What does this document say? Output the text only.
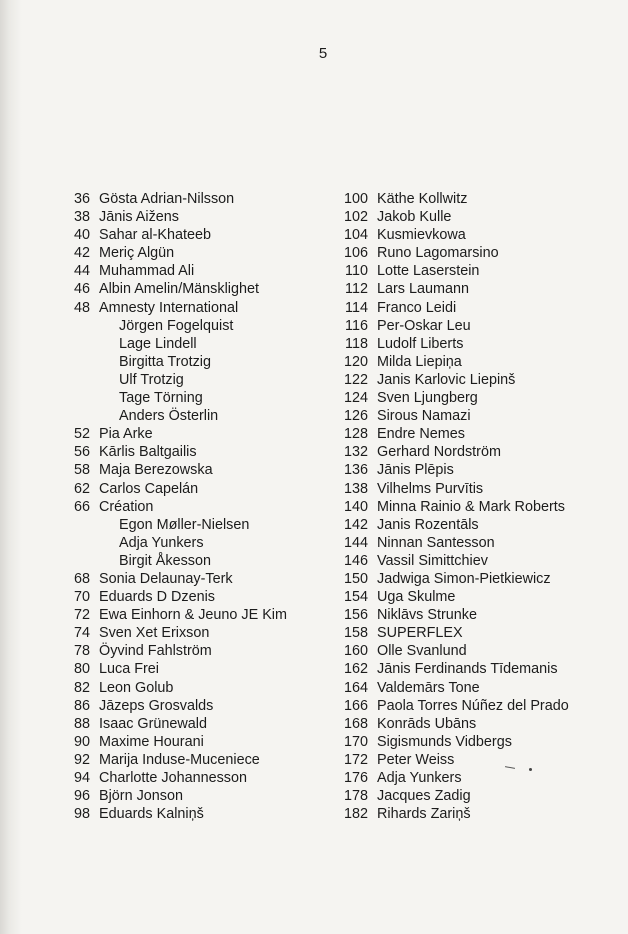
5
36 Gösta Adrian-Nilsson
38 Jānis Aižens
40 Sahar al-Khateeb
42 Meriç Algün
44 Muhammad Ali
46 Albin Amelin/Mänsklighet
48 Amnesty International
Jörgen Fogelquist
Lage Lindell
Birgitta Trotzig
Ulf Trotzig
Tage Törning
Anders Österlin
52 Pia Arke
56 Kārlis Baltgailis
58 Maja Berezowska
62 Carlos Capelán
66 Création
Egon Møller-Nielsen
Adja Yunkers
Birgit Åkesson
68 Sonia Delaunay-Terk
70 Eduards D Dzenis
72 Ewa Einhorn & Jeuno JE Kim
74 Sven Xet Erixson
78 Öyvind Fahlström
80 Luca Frei
82 Leon Golub
86 Jāzeps Grosvalds
88 Isaac Grünewald
90 Maxime Hourani
92 Marija Induse-Muceniece
94 Charlotte Johannesson
96 Björn Jonson
98 Eduards Kalniņš
100 Käthe Kollwitz
102 Jakob Kulle
104 Kusmievkowa
106 Runo Lagomarsino
110 Lotte Laserstein
112 Lars Laumann
114 Franco Leidi
116 Per-Oskar Leu
118 Ludolf Liberts
120 Milda Liepiņa
122 Janis Karlovic Liepinš
124 Sven Ljungberg
126 Sirous Namazi
128 Endre Nemes
132 Gerhard Nordström
136 Jānis Plēpis
138 Vilhelms Purvītis
140 Minna Rainio & Mark Roberts
142 Janis Rozentāls
144 Ninnan Santesson
146 Vassil Simittchiev
150 Jadwiga Simon-Pietkiewicz
154 Uga Skulme
156 Niklāvs Strunke
158 SUPERFLEX
160 Olle Svanlund
162 Jānis Ferdinands Tīdemanis
164 Valdemārs Tone
166 Paola Torres Núñez del Prado
168 Konrāds Ubāns
170 Sigismunds Vidbergs
172 Peter Weiss
176 Adja Yunkers
178 Jacques Zadig
182 Rihards Zariņš
